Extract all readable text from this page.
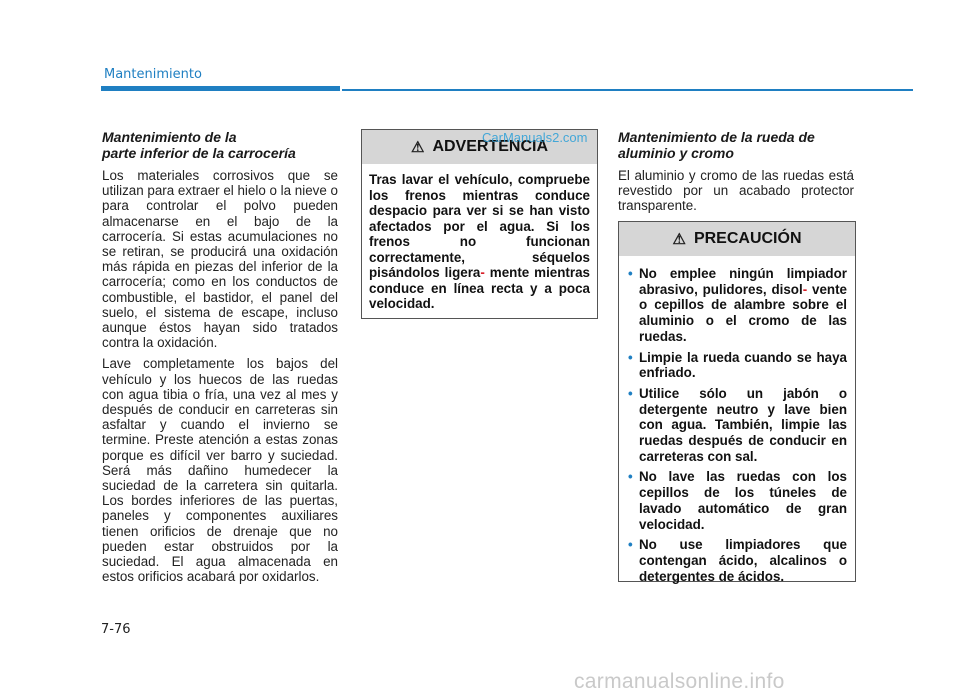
Mantenimiento
Mantenimiento de la
parte inferior de la carrocería

Los materiales corrosivos que se utilizan para extraer el hielo o la nieve o para controlar el polvo pueden almacenarse en el bajo de la carrocería. Si estas acumulaciones no se retiran, se producirá una oxidación más rápida en piezas del inferior de la carrocería; como en los conductos de combustible, el bastidor, el panel del suelo, el sistema de escape, incluso aunque éstos hayan sido tratados contra la oxidación.

Lave completamente los bajos del vehículo y los huecos de las ruedas con agua tibia o fría, una vez al mes y después de conducir en carreteras sin asfaltar y cuando el invierno se termine. Preste atención a estas zonas porque es difícil ver barro y suciedad. Será más dañino humedecer la suciedad de la carretera sin quitarla. Los bordes inferiores de las puertas, paneles y componentes auxiliares tienen orificios de drenaje que no pueden estar obstruidos por la suciedad. El agua almacenada en estos orificios acabará por oxidarlos.

⚠ ADVERTENCIA
Tras lavar el vehículo, compruebe los frenos mientras conduce despacio para ver si se han visto afectados por el agua. Si los frenos no funcionan correctamente, séquelos pisándolos ligera- mente mientras conduce en línea recta y a poca velocidad.
Mantenimiento de la rueda de
aluminio y cromo

El aluminio y cromo de las ruedas está revestido por un acabado protector transparente.

⚠ PRECAUCIÓN
• No emplee ningún limpiador abrasivo, pulidores, disol- vente o cepillos de alambre sobre el aluminio o el cromo de las ruedas.
• Limpie la rueda cuando se haya enfriado.
• Utilice sólo un jabón o detergente neutro y lave bien con agua. También, limpie las ruedas después de conducir en carreteras con sal.
• No lave las ruedas con los cepillos de los túneles de lavado automático de gran velocidad.
• No use limpiadores que contengan ácido, alcalinos o detergentes de ácidos.
7-76
CarManuals2.com
carmanualsonline.info
